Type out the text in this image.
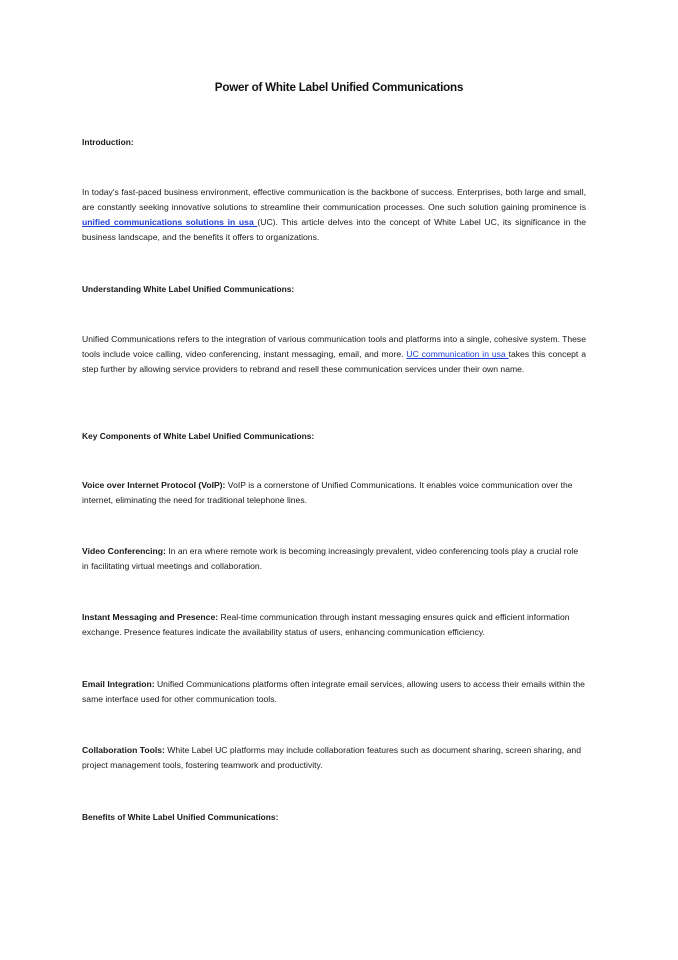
Power of White Label Unified Communications
Introduction:
In today's fast-paced business environment, effective communication is the backbone of success. Enterprises, both large and small, are constantly seeking innovative solutions to streamline their communication processes. One such solution gaining prominence is unified communications solutions in usa (UC). This article delves into the concept of White Label UC, its significance in the business landscape, and the benefits it offers to organizations.
Understanding White Label Unified Communications:
Unified Communications refers to the integration of various communication tools and platforms into a single, cohesive system. These tools include voice calling, video conferencing, instant messaging, email, and more. UC communication in usa takes this concept a step further by allowing service providers to rebrand and resell these communication services under their own name.
Key Components of White Label Unified Communications:
Voice over Internet Protocol (VoIP): VoIP is a cornerstone of Unified Communications. It enables voice communication over the internet, eliminating the need for traditional telephone lines.
Video Conferencing: In an era where remote work is becoming increasingly prevalent, video conferencing tools play a crucial role in facilitating virtual meetings and collaboration.
Instant Messaging and Presence: Real-time communication through instant messaging ensures quick and efficient information exchange. Presence features indicate the availability status of users, enhancing communication efficiency.
Email Integration: Unified Communications platforms often integrate email services, allowing users to access their emails within the same interface used for other communication tools.
Collaboration Tools: White Label UC platforms may include collaboration features such as document sharing, screen sharing, and project management tools, fostering teamwork and productivity.
Benefits of White Label Unified Communications:
